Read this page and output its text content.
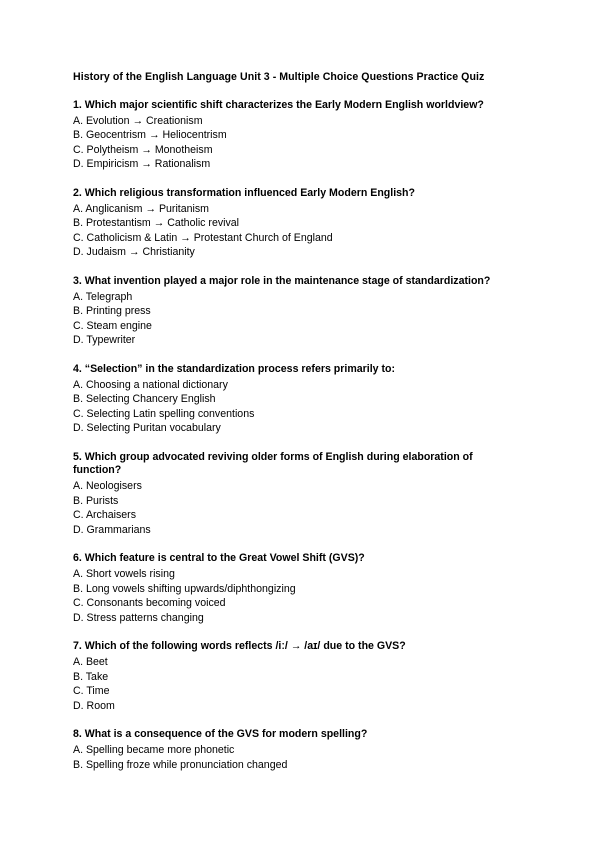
History of the English Language Unit 3 - Multiple Choice Questions Practice Quiz
1. Which major scientific shift characterizes the Early Modern English worldview?
A. Evolution → Creationism
B. Geocentrism → Heliocentrism
C. Polytheism → Monotheism
D. Empiricism → Rationalism
2. Which religious transformation influenced Early Modern English?
A. Anglicanism → Puritanism
B. Protestantism → Catholic revival
C. Catholicism & Latin → Protestant Church of England
D. Judaism → Christianity
3. What invention played a major role in the maintenance stage of standardization?
A. Telegraph
B. Printing press
C. Steam engine
D. Typewriter
4. “Selection” in the standardization process refers primarily to:
A. Choosing a national dictionary
B. Selecting Chancery English
C. Selecting Latin spelling conventions
D. Selecting Puritan vocabulary
5. Which group advocated reviving older forms of English during elaboration of function?
A. Neologisers
B. Purists
C. Archaisers
D. Grammarians
6. Which feature is central to the Great Vowel Shift (GVS)?
A. Short vowels rising
B. Long vowels shifting upwards/diphthongizing
C. Consonants becoming voiced
D. Stress patterns changing
7. Which of the following words reflects /iː/ → /aɪ/ due to the GVS?
A. Beet
B. Take
C. Time
D. Room
8. What is a consequence of the GVS for modern spelling?
A. Spelling became more phonetic
B. Spelling froze while pronunciation changed
